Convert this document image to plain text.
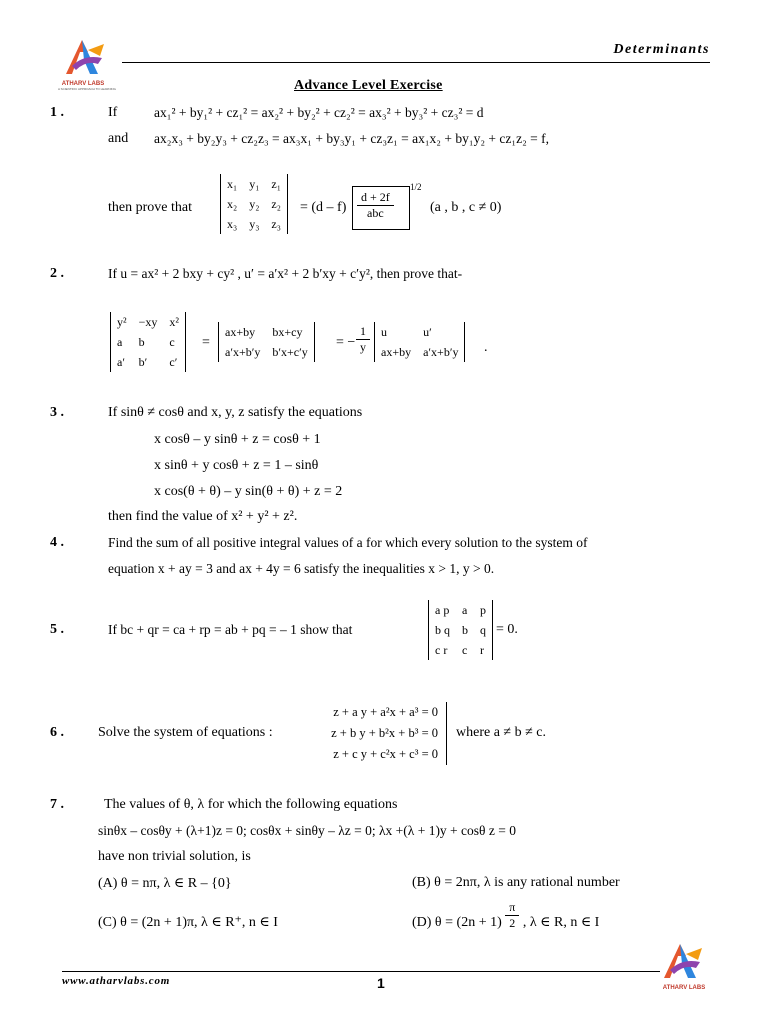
ATHARV LABS
A SCIENTIFIC APPROACH TO LEARNING
Determinants
Advance Level Exercise
1 .	If	ax₁² + by₁² + cz₁² = ax₂² + by₂² + cz₂² = ax₃² + by₃² + cz₃² = d
and ax₂x₃ + by₂y₃ + cz₂z₃ = ax₃x₁ + by₃y₁ + cz₃z₁ = ax₁x₂ + by₁y₂ + cz₁z₂ = f,
then prove that
x₁	y₁	z₁
x₂	y₂	z₂
x₃	y₃	z₃
= (d – f)
d + 2f
abc
1/2
(a , b , c ≠ 0)
2 .	If u = ax² + 2 bxy + cy² , u′ = a′x² + 2 b′xy + c′y², then prove that-
y²	−xy	x²
a	b	c
a′	b′	c′
=
ax+by	bx+cy
a′x+b′y	b′x+c′y
= − $\frac{1}{y}$ u	u′
ax+by	a′x+b′y .
3 .	If sinθ ≠ cosθ and x, y, z satisfy the equations
x cosθ – y sinθ + z = cosθ + 1
x sinθ + y cosθ + z = 1 – sinθ
x cos(θ + θ) – y sin(θ + θ) + z = 2
then find the value of x² + y² + z².
4 .	Find the sum of all positive integral values of a for which every solution to the system of
equation x + ay = 3 and ax + 4y = 6 satisfy the inequalities x > 1, y > 0.
5 .	If bc + qr = ca + rp = ab + pq = – 1 show that
a p	a	p
b q	b	q
c r	c	r
= 0.
6 . Solve the system of equations :
z + a y + a²x + a³ = 0
z + b y + b²x + b³ = 0
z + c y + c²x + c³ = 0
where a ≠ b ≠ c.
7 .	The values of θ, λ for which the following equations
sinθx – cosθy + (λ+1)z = 0; cosθx + sinθy – λz = 0; λx +(λ + 1)y + cosθ z = 0
have non trivial solution, is
(A) θ = nπ, λ ∈ R – {0}	(B) θ = 2nπ, λ is any rational number
(C) θ = (2n + 1)π, λ ∈ R⁺, n ∈ I	(D) $\theta = (2n + 1) \frac{\pi}{2}$ , λ ∈ R, n ∈ I
www.atharvlabs.com	1	ATHARV LABS
